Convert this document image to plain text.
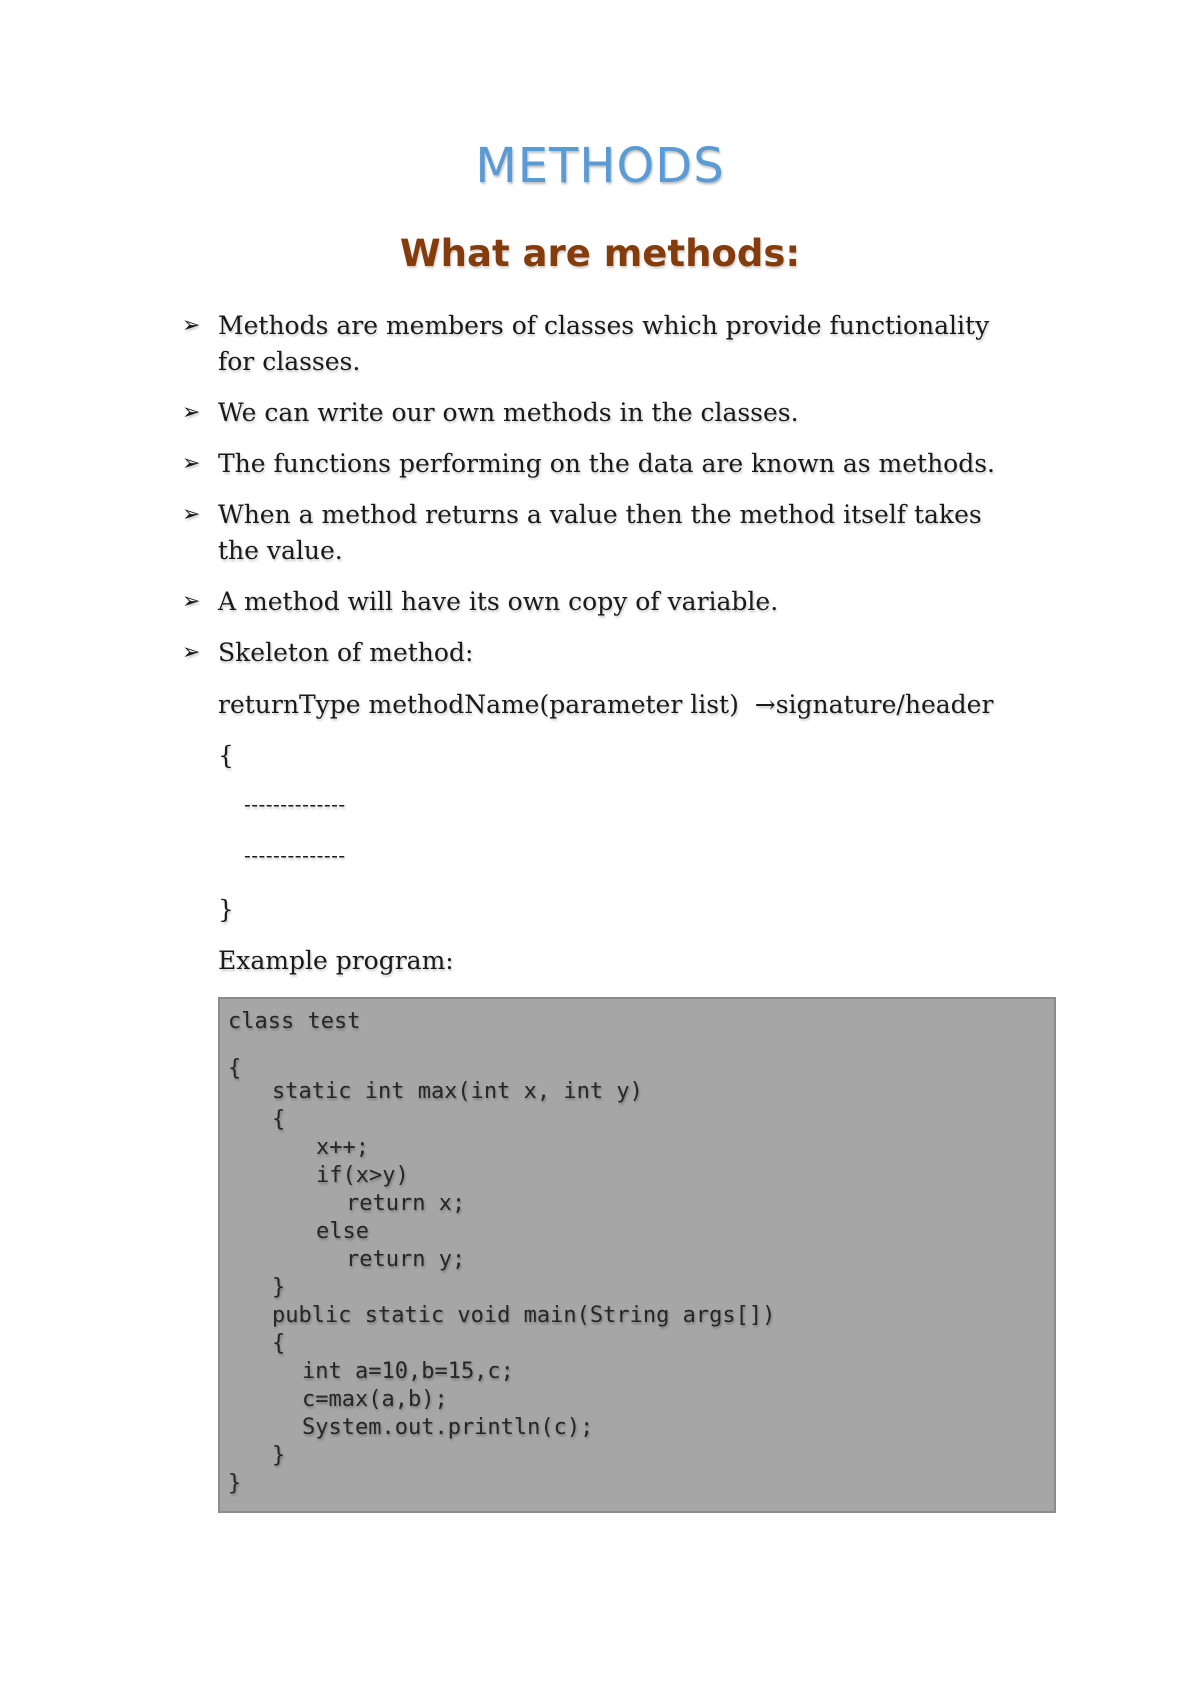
METHODS
What are methods:
➢ Methods are members of classes which provide functionality for classes.
➢ We can write our own methods in the classes.
➢ The functions performing on the data are known as methods.
➢ When a method returns a value then the method itself takes the value.
➢ A method will have its own copy of variable.
➢ Skeleton of method:
returnType methodName(parameter list)  →signature/header
{
--------------
--------------
}
Example program:
class test
{
static int max(int x, int y)
{
x++;
if(x>y)
return x;
else
return y;
}
public static void main(String args[])
{
int a=10,b=15,c;
c=max(a,b);
System.out.println(c);
}
}
